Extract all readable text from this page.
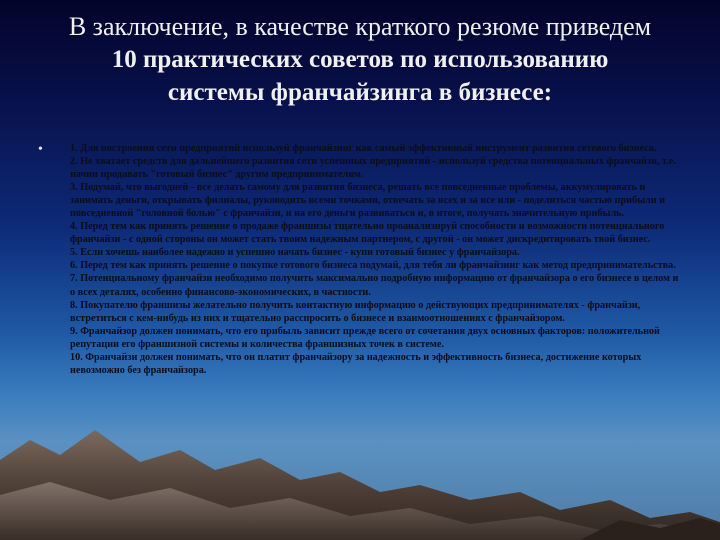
В заключение, в качестве краткого резюме приведем
10 практических советов по использованию
системы франчайзинга в бизнесе:
•	1. Для построения сети предприятий используй франчайзинг как самый эффективный инструмент развития сетевого бизнеса.
2. Не хватает средств для дальнейшего развития сети успешных предприятий - используй средства потенциальных франчайзи, т.е. начни продавать "готовый бизнес" другим предпринимателям.
3. Подумай, что выгодней - все делать самому для развития бизнеса, решать все повседневные проблемы, аккумулировать и занимать деньги, открывать филиалы, руководить всеми точками, отвечать за всех и за все или - поделиться частью прибыли и повседневной "головной болью" с франчайзи, и на его деньги развиваться и, в итоге, получать значительную прибыль.
4. Перед тем как принять решение о продаже франшизы тщательно проанализируй способности и возможности потенциального франчайзи - с одной стороны он может стать твоим надежным партнером, с другой - он может дискредитировать твой бизнес.
5. Если хочешь наиболее надежно и успешно начать бизнес - купи готовый бизнес у франчайзора.
6. Перед тем как принять решение о покупке готового бизнеса подумай, для тебя ли франчайзинг как метод предпринимательства.
7. Потенциальному франчайзи необходимо получить максимально подробную информацию от франчайзора о его бизнесе в целом и о всех деталях, особенно финансово-экономических, в частности.
8. Покупателю франшизы желательно получить контактную информацию о действующих предпринимателях - франчайзи, встретиться с кем-нибудь из них и тщательно расспросить о бизнесе и взаимоотношениях с франчайзором.
9. Франчайзор должен понимать, что его прибыль зависит прежде всего от сочетания двух основных факторов: положительной репутации его франшизной системы и количества франшизных точек в системе.
10. Франчайзи должен понимать, что он платит франчайзору за надежность и эффективность бизнеса, достижение которых невозможно без франчайзора.
